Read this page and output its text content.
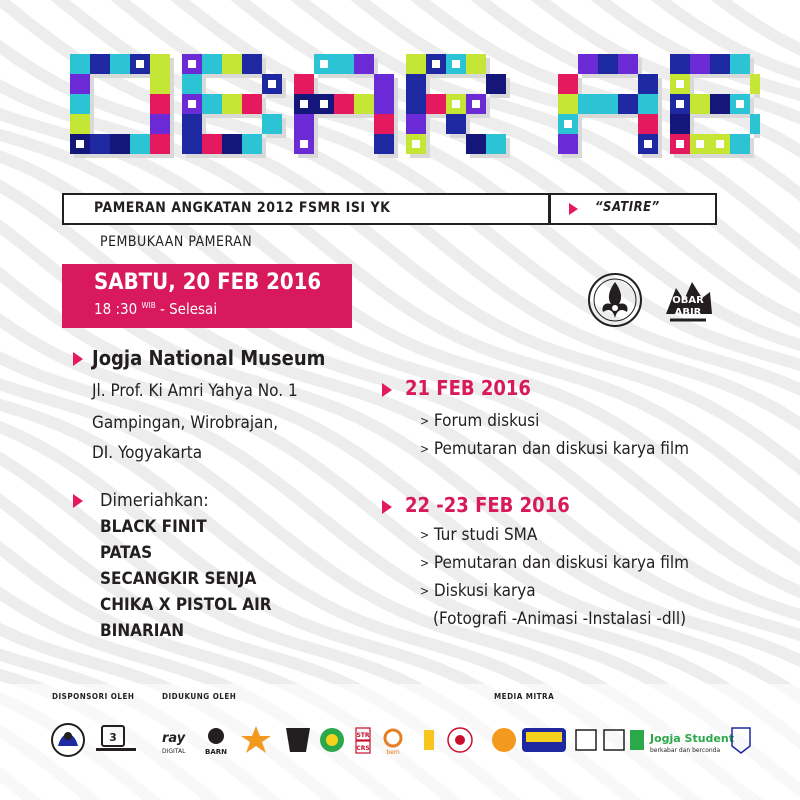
PAMERAN ANGKATAN 2012 FSMR ISI YK	“SATIRE”
PEMBUKAAN PAMERAN
SABTU, 20 FEB 2016
18 :30 $^{WIB}$ - Selesai	OBAR
ABIR
Jogja National Museum
Jl. Prof. Ki Amri Yahya No. 1
Gampingan, Wirobrajan,
DI. Yogyakarta
Dimeriahkan:
BLACK FINIT
PATAS
SECANGKIR SENJA
CHIKA X PISTOL AIR
BINARIAN
21 FEB 2016
> Forum diskusi
> Pemutaran dan diskusi karya film
22 -23 FEB 2016
> Tur studi SMA
> Pemutaran dan diskusi karya film
> Diskusi karya
(Fotografi -Animasi -Instalasi -dll)
DISPONSORI OLEH	DIDUKUNG OLEH	MEDIA MITRA
3	ray
DIGITAL	BARN
STR
CRS
bem
Jogja Student
berkabar dan berconda
